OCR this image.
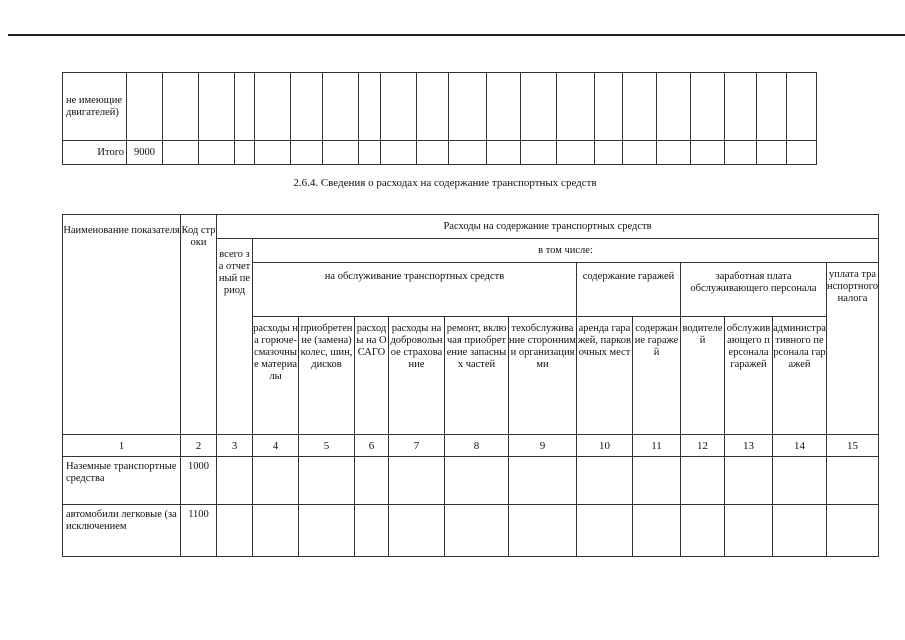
не имеющие двигателей)																					
Итого	9000																				
2.6.4. Сведения о расходах на содержание транспортных средств
Наименование показателя	Код строки	Расходы на содержание транспортных средств												
		всего за отчетный период	в том числе:											
			на обслуживание транспортных средств						содержание гаражей		заработная плата обслуживающего персонала			уплата транспортного налога
			расходы на горюче-смазочные материалы	приобретение (замена) колес, шин, дисков	расходы на ОСАГО	расходы на добровольное страхование	ремонт, включая приобретение запасных частей	техобслуживание сторонними организациями	аренда гаражей, парковочных мест	содержание гаражей	водителей	обслуживающего персонала гаражей	административного персонала гаражей	
1	2	3	4	5	6	7	8	9	10	11	12	13	14	15
Наземные транспортные средства	1000													
автомобили легковые (за исключением	1100													
